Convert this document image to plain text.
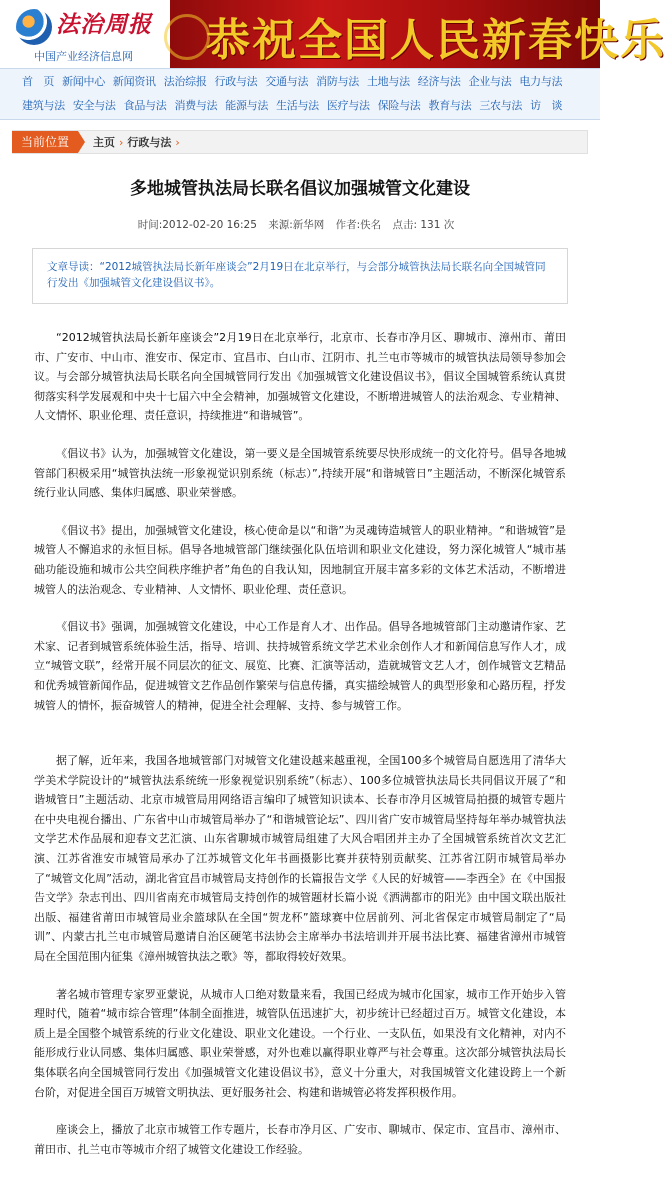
法治周报
中国产业经济信息网 恭祝全国人民新春快乐
首　页 新闻中心 新闻资讯 法治综报 行政与法 交通与法 消防与法 土地与法 经济与法 企业与法 电力与法
建筑与法 安全与法 食品与法 消费与法 能源与法 生活与法 医疗与法 保险与法 教育与法 三农与法 访　谈
当前位置	主页 › 行政与法 ›
多地城管执法局长联名倡议加强城管文化建设
时间:2012-02-20 16:25 来源:新华网 作者:佚名 点击: 131 次
文章导读：“2012城管执法局长新年座谈会”2月19日在北京举行，与会部分城管执法局长联名向全国城管同行发出《加强城管文化建设倡议书》。

“2012城管执法局长新年座谈会”2月19日在北京举行，北京市、长春市净月区、聊城市、漳州市、莆田市、广安市、中山市、淮安市、保定市、宜昌市、白山市、江阴市、扎兰屯市等城市的城管执法局领导参加会议。与会部分城管执法局长联名向全国城管同行发出《加强城管文化建设倡议书》，倡议全国城管系统认真贯彻落实科学发展观和中央十七届六中全会精神，加强城管文化建设，不断增进城管人的法治观念、专业精神、人文情怀、职业伦理、责任意识，持续推进“和谐城管”。

《倡议书》认为，加强城管文化建设，第一要义是全国城管系统要尽快形成统一的文化符号。倡导各地城管部门积极采用“城管执法统一形象视觉识别系统（标志）”,持续开展“和谐城管日”主题活动，不断深化城管系统行业认同感、集体归属感、职业荣誉感。

《倡议书》提出，加强城管文化建设，核心使命是以“和谐”为灵魂铸造城管人的职业精神。“和谐城管”是城管人不懈追求的永恒目标。倡导各地城管部门继续强化队伍培训和职业文化建设，努力深化城管人“城市基础功能设施和城市公共空间秩序维护者”角色的自我认知，因地制宜开展丰富多彩的文体艺术活动，不断增进城管人的法治观念、专业精神、人文情怀、职业伦理、责任意识。

《倡议书》强调，加强城管文化建设，中心工作是育人才、出作品。倡导各地城管部门主动邀请作家、艺术家、记者到城管系统体验生活，指导、培训、扶持城管系统文学艺术业余创作人才和新闻信息写作人才，成立“城管文联”，经常开展不同层次的征文、展览、比赛、汇演等活动，造就城管文艺人才，创作城管文艺精品和优秀城管新闻作品，促进城管文艺作品创作繁荣与信息传播，真实描绘城管人的典型形象和心路历程，抒发城管人的情怀，振奋城管人的精神，促进全社会理解、支持、参与城管工作。

据了解，近年来，我国各地城管部门对城管文化建设越来越重视，全国100多个城管局自愿选用了清华大学美术学院设计的“城管执法系统统一形象视觉识别系统”（标志）、100多位城管执法局长共同倡议开展了“和谐城管日”主题活动、北京市城管局用网络语言编印了城管知识读本、长春市净月区城管局拍摄的城管专题片在中央电视台播出、广东省中山市城管局举办了“和谐城管论坛”、四川省广安市城管局坚持每年举办城管执法文学艺术作品展和迎春文艺汇演、山东省聊城市城管局组建了大风合唱团并主办了全国城管系统首次文艺汇演、江苏省淮安市城管局承办了江苏城管文化年书画摄影比赛并获特别贡献奖、江苏省江阴市城管局举办了“城管文化周”活动，湖北省宜昌市城管局支持创作的长篇报告文学《人民的好城管——李西全》在《中国报告文学》杂志刊出、四川省南充市城管局支持创作的城管题材长篇小说《洒满都市的阳光》由中国文联出版社出版、福建省莆田市城管局业余篮球队在全国“贺龙杯”篮球赛中位居前列、河北省保定市城管局制定了“局训”、内蒙古扎兰屯市城管局邀请自治区硬笔书法协会主席举办书法培训并开展书法比赛、福建省漳州市城管局在全国范围内征集《漳州城管执法之歌》等，都取得较好效果。

著名城市管理专家罗亚蒙说，从城市人口绝对数量来看，我国已经成为城市化国家，城市工作开始步入管理时代，随着“城市综合管理”体制全面推进，城管队伍迅速扩大，初步统计已经超过百万。城管文化建设，本质上是全国整个城管系统的行业文化建设、职业文化建设。一个行业、一支队伍，如果没有文化精神，对内不能形成行业认同感、集体归属感、职业荣誉感，对外也难以赢得职业尊严与社会尊重。这次部分城管执法局长集体联名向全国城管同行发出《加强城管文化建设倡议书》，意义十分重大，对我国城管文化建设跨上一个新台阶，对促进全国百万城管文明执法、更好服务社会、构建和谐城管必将发挥积极作用。

座谈会上，播放了北京市城管工作专题片，长春市净月区、广安市、聊城市、保定市、宜昌市、漳州市、莆田市、扎兰屯市等城市介绍了城管文化建设工作经验。
